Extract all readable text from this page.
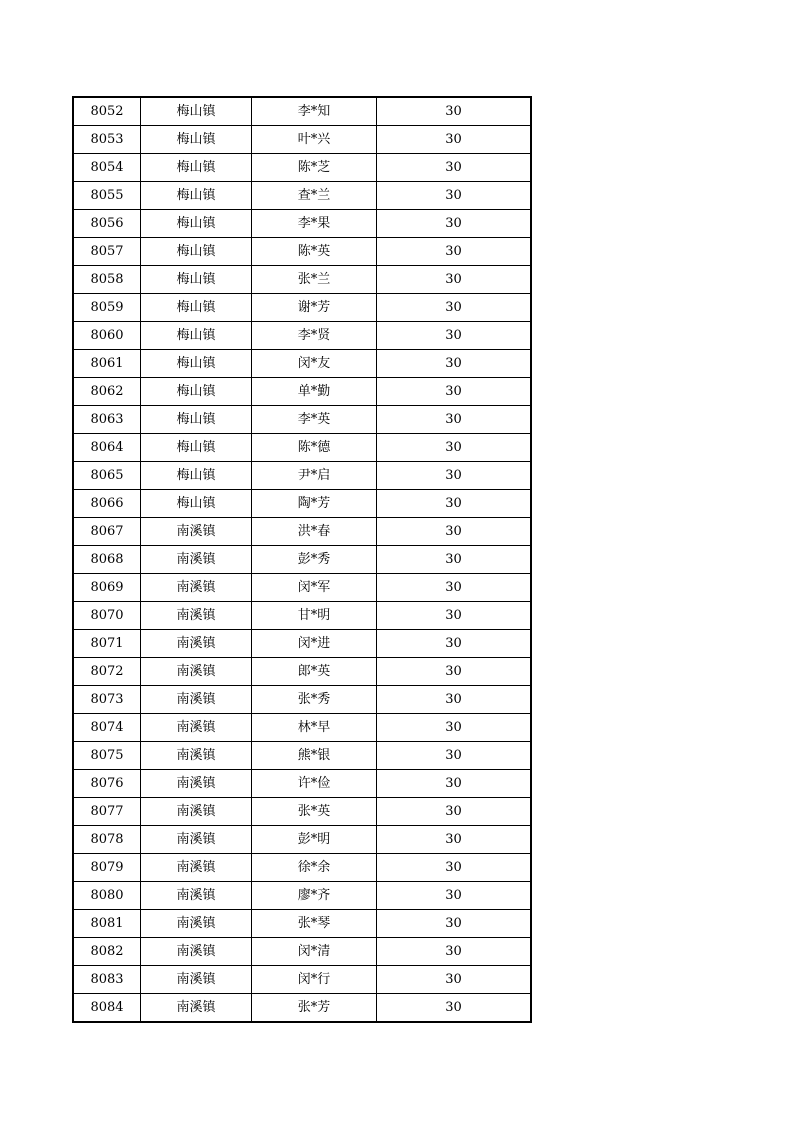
8052	梅山镇	李*知	30
8053	梅山镇	叶*兴	30
8054	梅山镇	陈*芝	30
8055	梅山镇	查*兰	30
8056	梅山镇	李*果	30
8057	梅山镇	陈*英	30
8058	梅山镇	张*兰	30
8059	梅山镇	谢*芳	30
8060	梅山镇	李*贤	30
8061	梅山镇	闵*友	30
8062	梅山镇	单*勤	30
8063	梅山镇	李*英	30
8064	梅山镇	陈*德	30
8065	梅山镇	尹*启	30
8066	梅山镇	陶*芳	30
8067	南溪镇	洪*春	30
8068	南溪镇	彭*秀	30
8069	南溪镇	闵*军	30
8070	南溪镇	甘*明	30
8071	南溪镇	闵*进	30
8072	南溪镇	郎*英	30
8073	南溪镇	张*秀	30
8074	南溪镇	林*早	30
8075	南溪镇	熊*银	30
8076	南溪镇	许*俭	30
8077	南溪镇	张*英	30
8078	南溪镇	彭*明	30
8079	南溪镇	徐*余	30
8080	南溪镇	廖*齐	30
8081	南溪镇	张*琴	30
8082	南溪镇	闵*清	30
8083	南溪镇	闵*行	30
8084	南溪镇	张*芳	30
